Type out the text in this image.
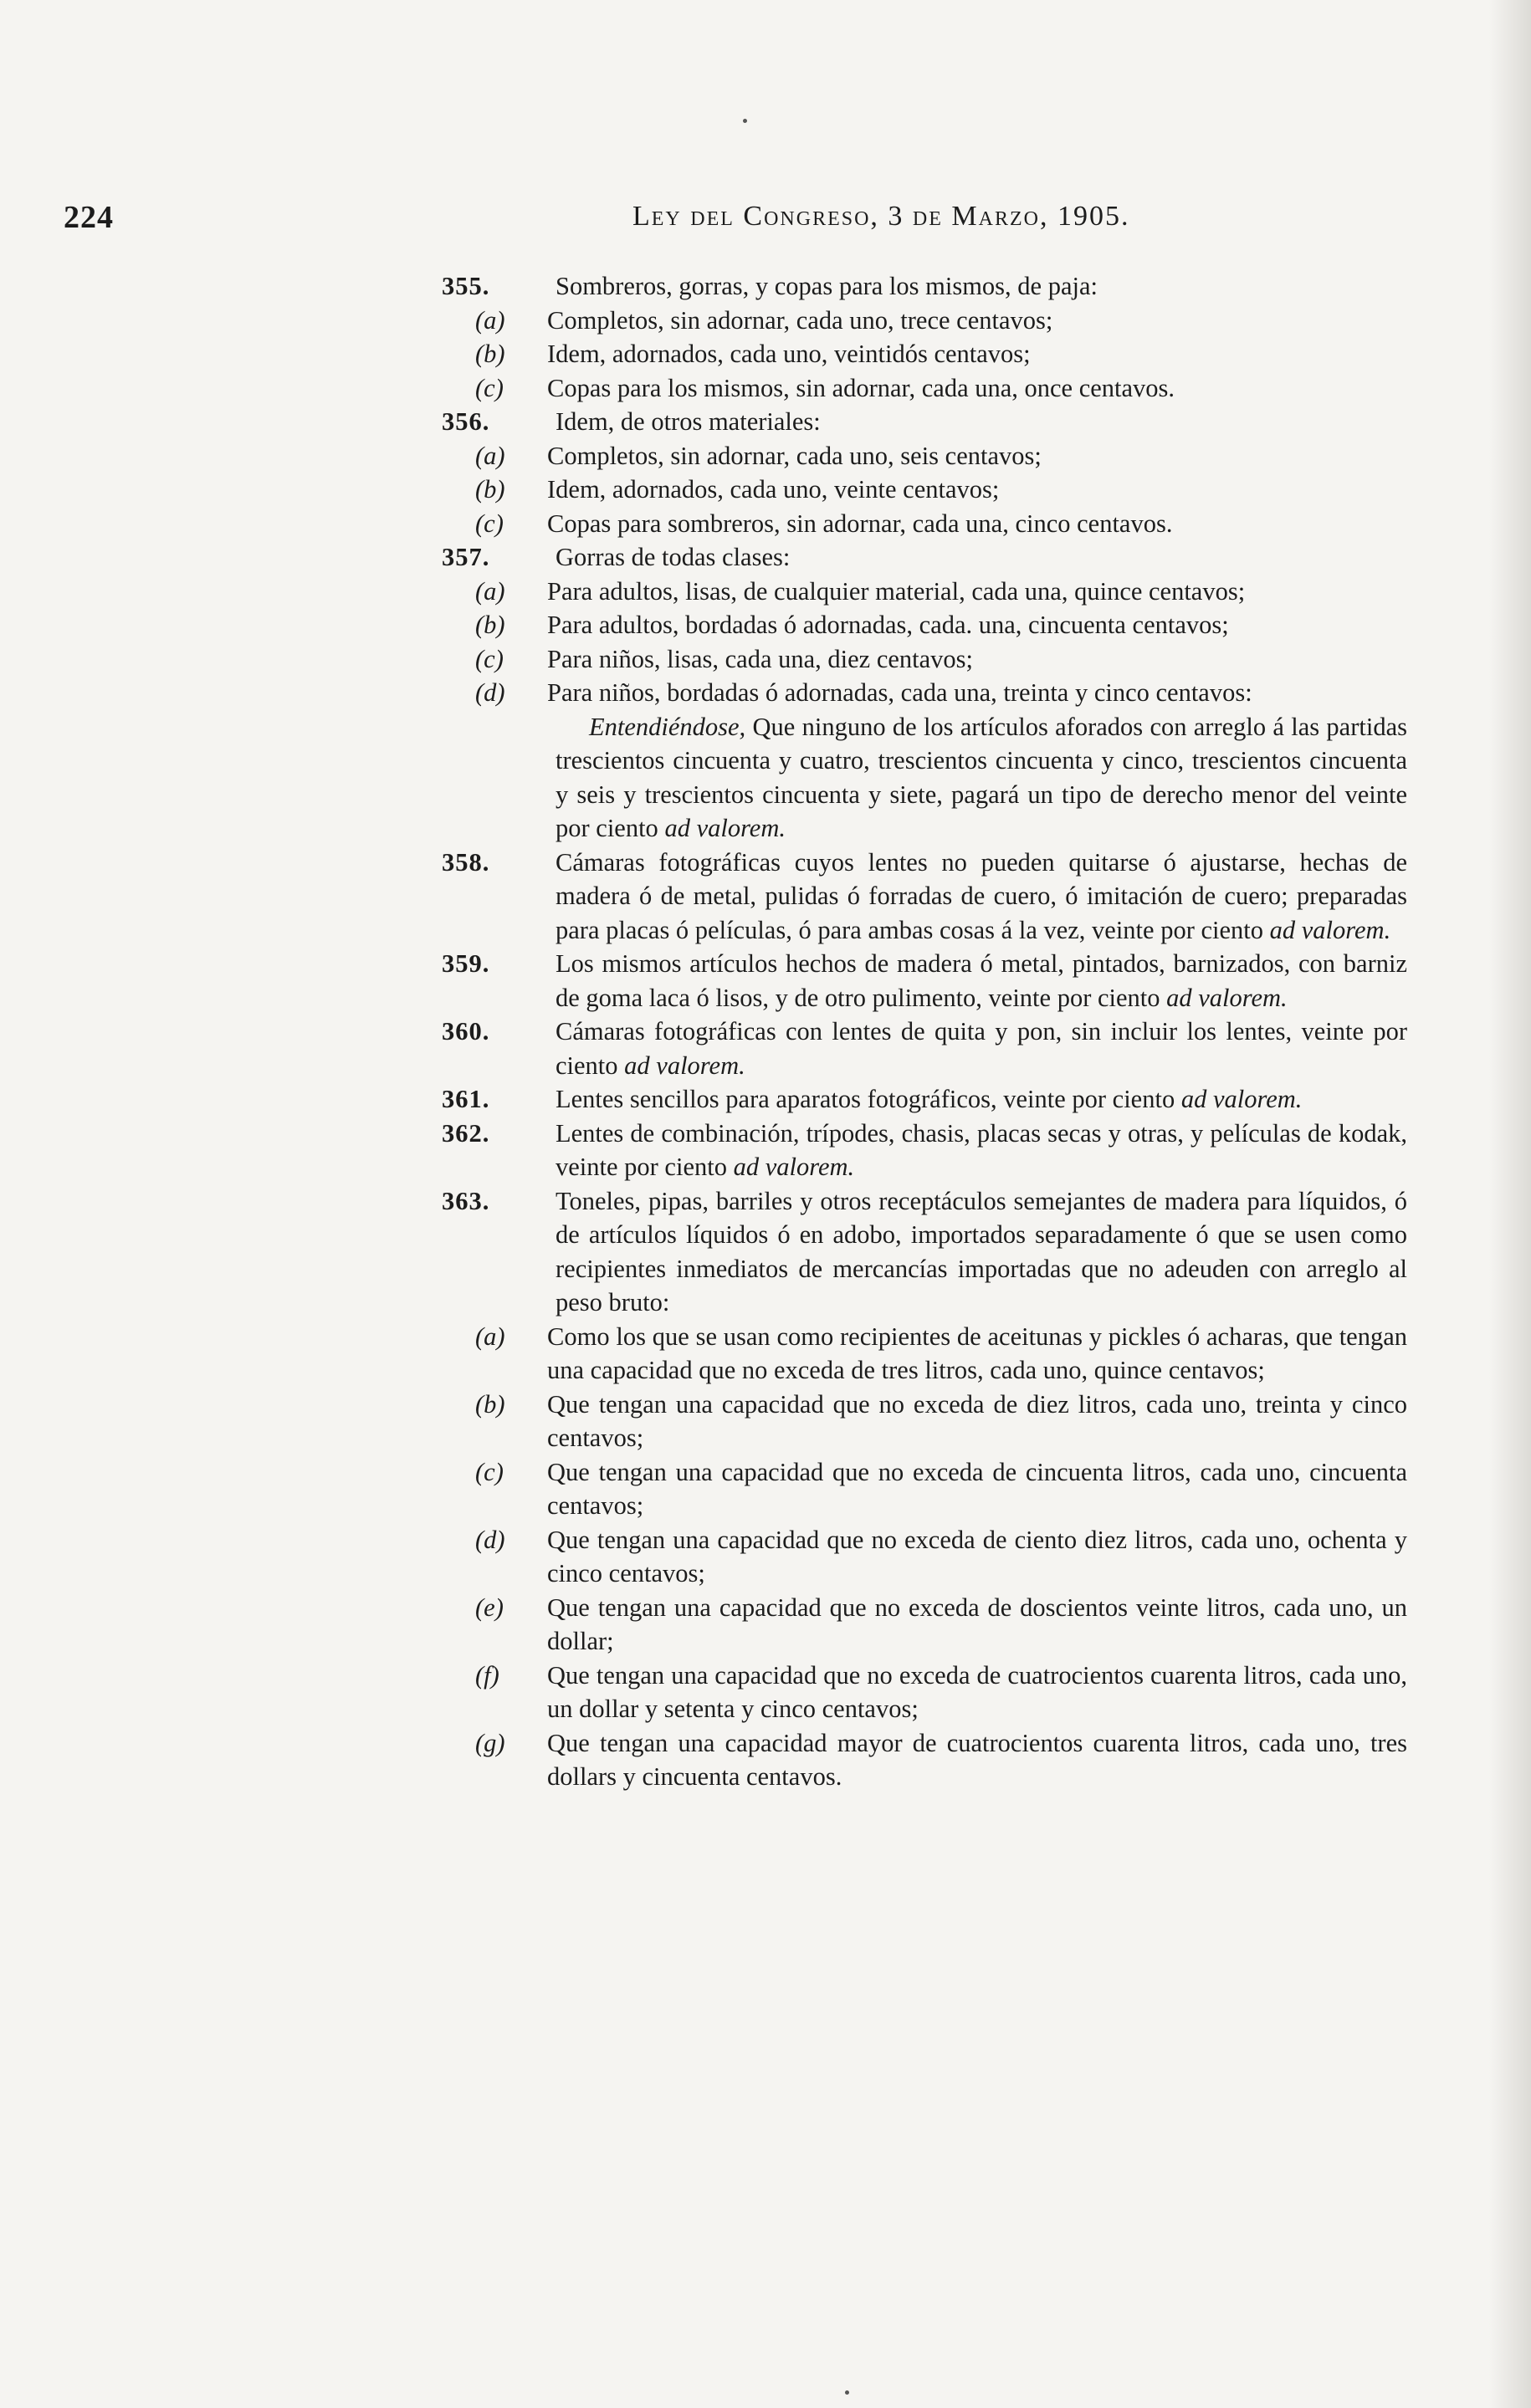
224	Ley del Congreso, 3 de Marzo, 1905.
355.	Sombreros, gorras, y copas para los mismos, de paja:
(a) Completos, sin adornar, cada uno, trece centavos;
(b) Idem, adornados, cada uno, veintidós centavos;
(c) Copas para los mismos, sin adornar, cada una, once centavos.
356.	Idem, de otros materiales:
(a) Completos, sin adornar, cada uno, seis centavos;
(b) Idem, adornados, cada uno, veinte centavos;
(c) Copas para sombreros, sin adornar, cada una, cinco centavos.
357.	Gorras de todas clases:
(a) Para adultos, lisas, de cualquier material, cada una, quince centavos;
(b) Para adultos, bordadas ó adornadas, cada. una, cincuenta centavos;
(c) Para niños, lisas, cada una, diez centavos;
(d) Para niños, bordadas ó adornadas, cada una, treinta y cinco centavos:
Entendiéndose, Que ninguno de los artículos aforados con arreglo á las partidas trescientos cincuenta y cuatro, trescientos cincuenta y cinco, trescientos cincuenta y seis y trescientos cincuenta y siete, pagará un tipo de derecho menor del veinte por ciento ad valorem.
358.	Cámaras fotográficas cuyos lentes no pueden quitarse ó ajustarse, hechas de madera ó de metal, pulidas ó forradas de cuero, ó imitación de cuero; preparadas para placas ó películas, ó para ambas cosas á la vez, veinte por ciento ad valorem.
359.	Los mismos artículos hechos de madera ó metal, pintados, barnizados, con barniz de goma laca ó lisos, y de otro pulimento, veinte por ciento ad valorem.
360.	Cámaras fotográficas con lentes de quita y pon, sin incluir los lentes, veinte por ciento ad valorem.
361.	Lentes sencillos para aparatos fotográficos, veinte por ciento ad valorem.
362.	Lentes de combinación, trípodes, chasis, placas secas y otras, y películas de kodak, veinte por ciento ad valorem.
363.	Toneles, pipas, barriles y otros receptáculos semejantes de madera para líquidos, ó de artículos líquidos ó en adobo, importados separadamente ó que se usen como recipientes inmediatos de mercancías importadas que no adeuden con arreglo al peso bruto:
(a) Como los que se usan como recipientes de aceitunas y pickles ó acharas, que tengan una capacidad que no exceda de tres litros, cada uno, quince centavos;
(b) Que tengan una capacidad que no exceda de diez litros, cada uno, treinta y cinco centavos;
(c) Que tengan una capacidad que no exceda de cincuenta litros, cada uno, cincuenta centavos;
(d) Que tengan una capacidad que no exceda de ciento diez litros, cada uno, ochenta y cinco centavos;
(e) Que tengan una capacidad que no exceda de doscientos veinte litros, cada uno, un dollar;
(f) Que tengan una capacidad que no exceda de cuatrocientos cuarenta litros, cada uno, un dollar y setenta y cinco centavos;
(g) Que tengan una capacidad mayor de cuatrocientos cuarenta litros, cada uno, tres dollars y cincuenta centavos.
